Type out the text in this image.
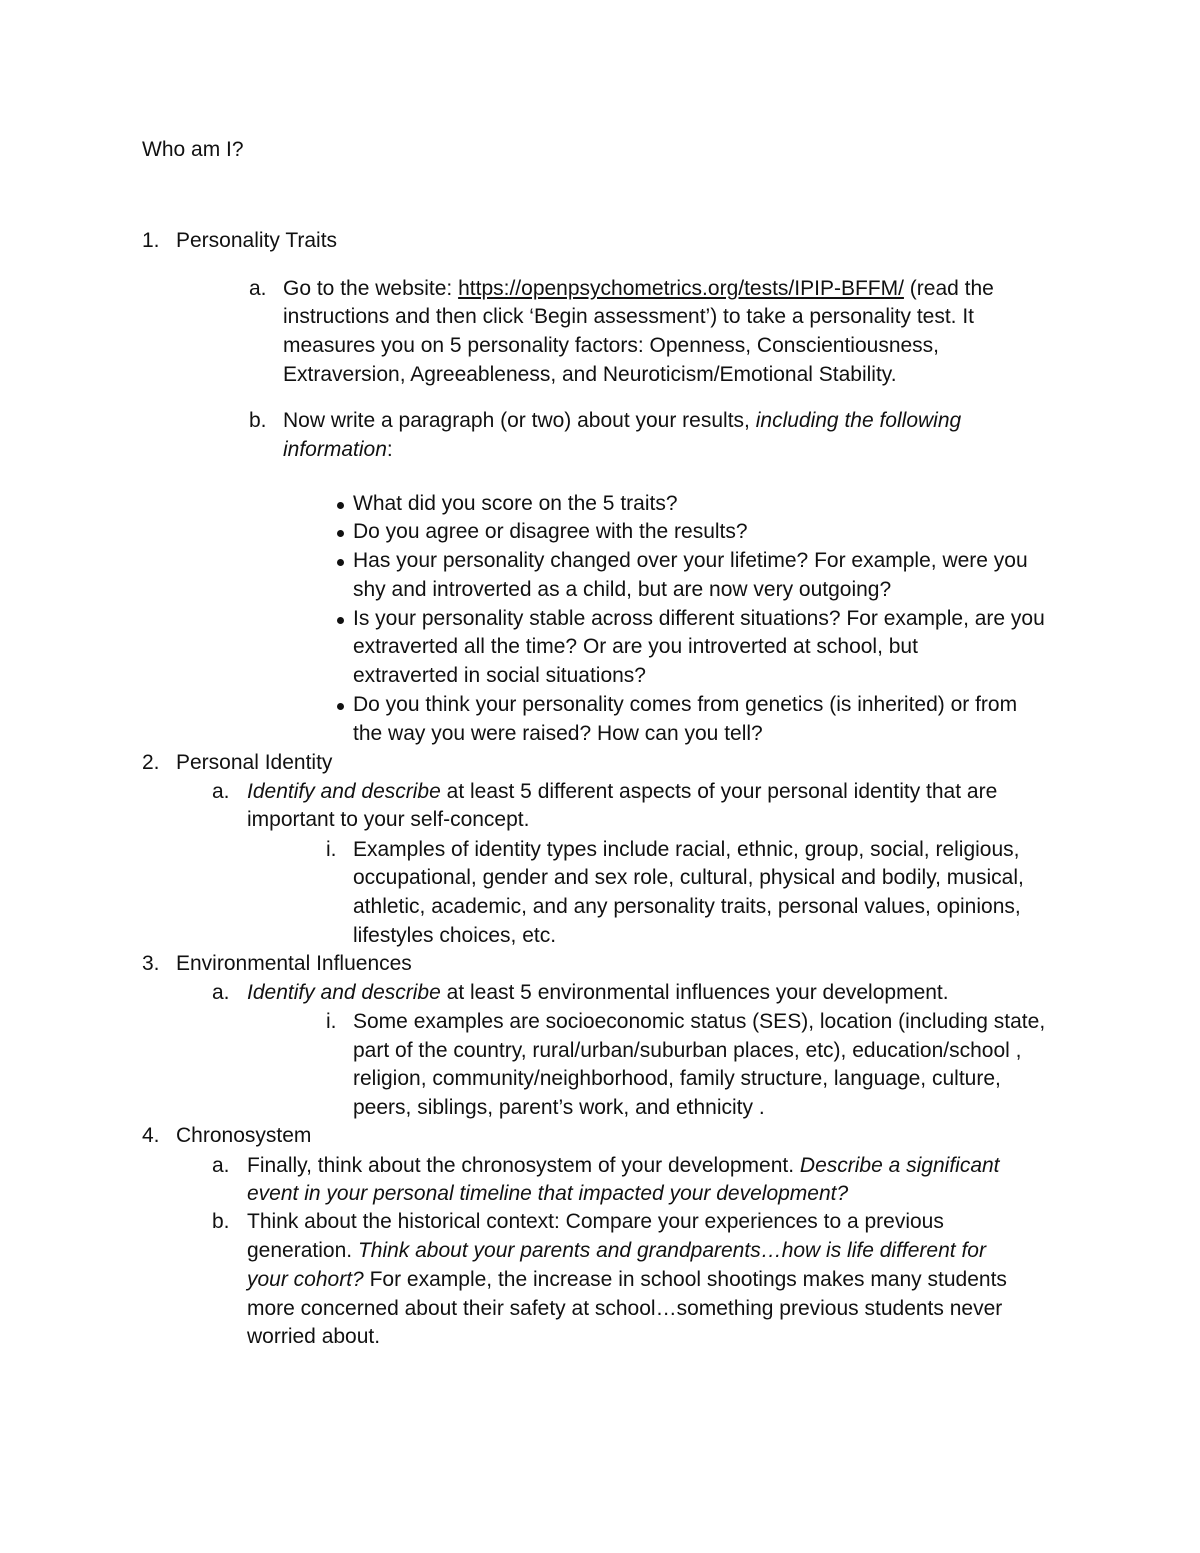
Who am I?
1. Personality Traits
a. Go to the website: https://openpsychometrics.org/tests/IPIP-BFFM/ (read the
instructions and then click ‘Begin assessment’) to take a personality test. It
measures you on 5 personality factors: Openness, Conscientiousness,
Extraversion, Agreeableness, and Neuroticism/Emotional Stability.
b. Now write a paragraph (or two) about your results, including the following
information:
What did you score on the 5 traits?
Do you agree or disagree with the results?
Has your personality changed over your lifetime? For example, were you
shy and introverted as a child, but are now very outgoing?
Is your personality stable across different situations? For example, are you
extraverted all the time? Or are you introverted at school, but
extraverted in social situations?
Do you think your personality comes from genetics (is inherited) or from
the way you were raised? How can you tell?
2. Personal Identity
a. Identify and describe at least 5 different aspects of your personal identity that are
important to your self-concept.
i. Examples of identity types include racial, ethnic, group, social, religious,
occupational, gender and sex role, cultural, physical and bodily, musical,
athletic, academic, and any personality traits, personal values, opinions,
lifestyles choices, etc.
3. Environmental Influences
a. Identify and describe at least 5 environmental influences your development.
i. Some examples are socioeconomic status (SES), location (including state,
part of the country, rural/urban/suburban places, etc), education/school ,
religion, community/neighborhood, family structure, language, culture,
peers, siblings, parent’s work, and ethnicity .
4. Chronosystem
a. Finally, think about the chronosystem of your development. Describe a significant
event in your personal timeline that impacted your development?
b. Think about the historical context: Compare your experiences to a previous
generation. Think about your parents and grandparents…how is life different for
your cohort? For example, the increase in school shootings makes many students
more concerned about their safety at school…something previous students never
worried about.
